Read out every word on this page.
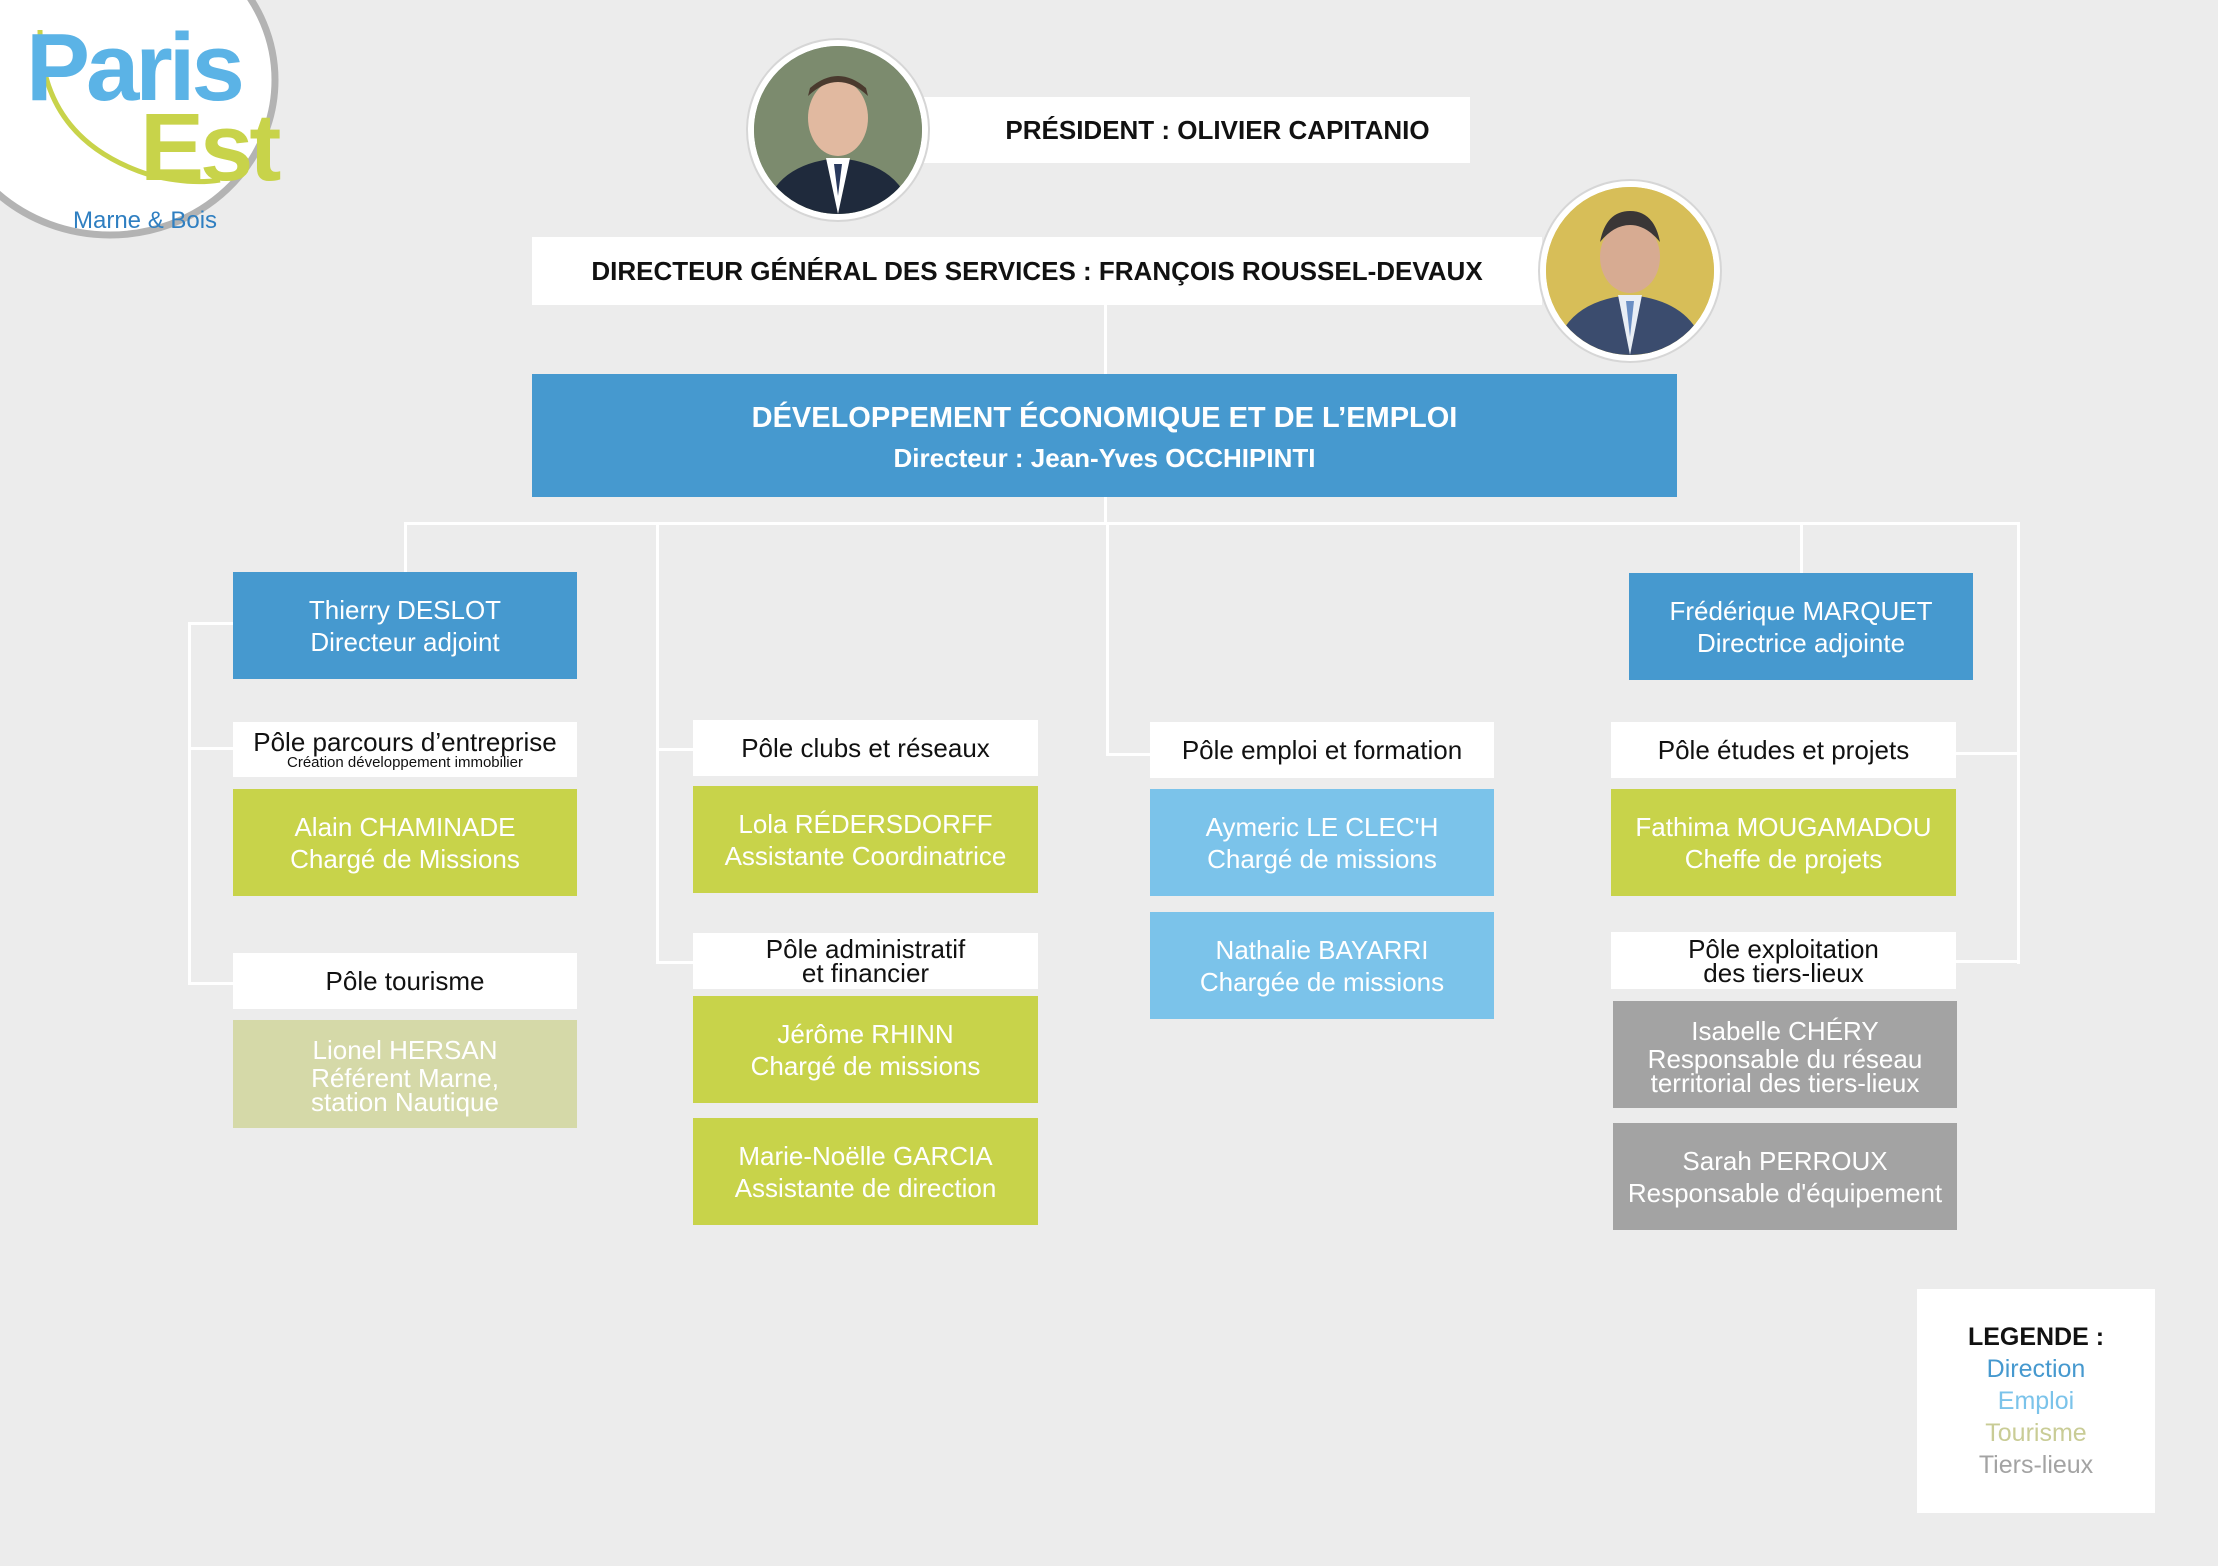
Paris
Est
Marne & Bois
PRÉSIDENT : OLIVIER CAPITANIO
DIRECTEUR GÉNÉRAL DES SERVICES : FRANÇOIS ROUSSEL-DEVAUX
DÉVELOPPEMENT ÉCONOMIQUE ET DE L’EMPLOI
Directeur : Jean-Yves OCCHIPINTI
Thierry DESLOT
Directeur adjoint
Frédérique MARQUET
Directrice adjointe
Pôle parcours d’entreprise
Création développement immobilier
Alain CHAMINADE
Chargé de Missions
Pôle tourisme
Lionel HERSAN
Référent Marne,
station Nautique
Pôle clubs et réseaux
Lola RÉDERSDORFF
Assistante Coordinatrice
Pôle administratif
et financier
Jérôme RHINN
Chargé de missions
Marie-Noëlle GARCIA
Assistante de direction
Pôle emploi et formation
Aymeric LE CLEC'H
Chargé de missions
Nathalie BAYARRI
Chargée de missions
Pôle études et projets
Fathima MOUGAMADOU
Cheffe de projets
Pôle exploitation
des tiers-lieux
Isabelle CHÉRY
Responsable du réseau
territorial des tiers-lieux
Sarah PERROUX
Responsable d'équipement
LEGENDE :
Direction
Emploi
Tourisme
Tiers-lieux
